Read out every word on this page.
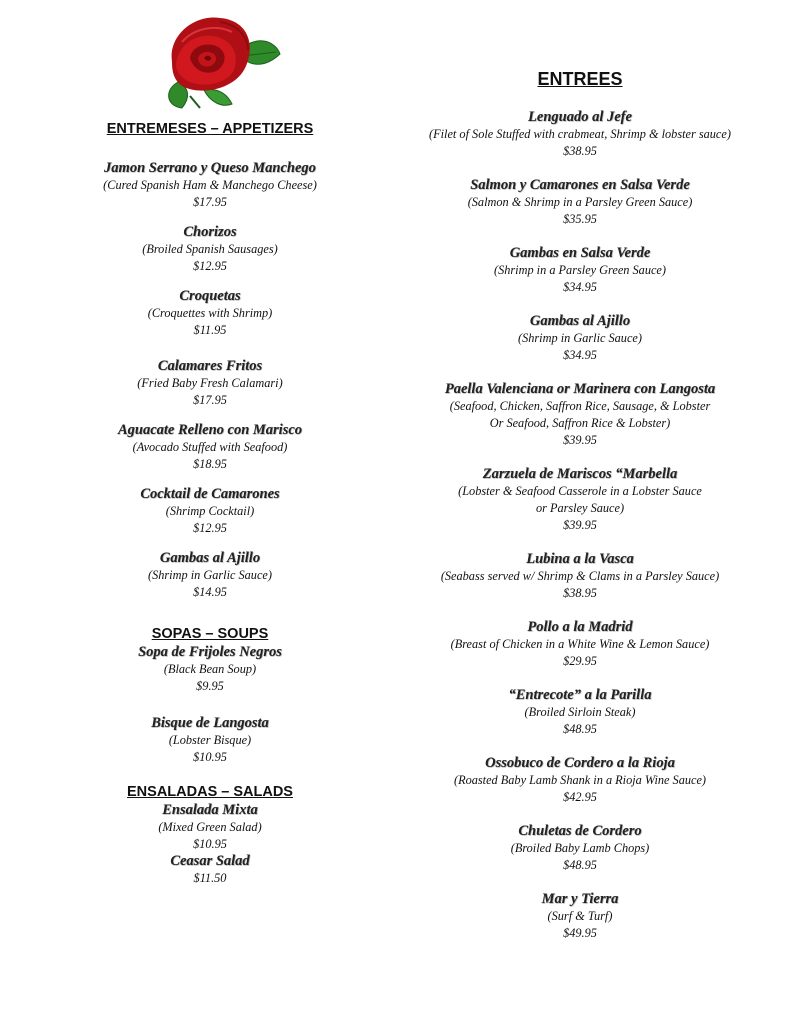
ENTREMESES – APPETIZERS

Jamon Serrano y Queso Manchego

(Cured Spanish Ham & Manchego Cheese)

$17.95

Chorizos

(Broiled Spanish Sausages)

$12.95

Croquetas

(Croquettes with Shrimp)

$11.95

Calamares Fritos

(Fried Baby Fresh Calamari)

$17.95

Aguacate Relleno con Marisco

(Avocado Stuffed with Seafood)

$18.95

Cocktail de Camarones

(Shrimp Cocktail)

$12.95

Gambas al Ajillo

(Shrimp in Garlic Sauce)

$14.95

SOPAS – SOUPS

Sopa de Frijoles Negros

(Black Bean Soup)

$9.95

Bisque de Langosta

(Lobster Bisque)

$10.95

ENSALADAS – SALADS

Ensalada Mixta

(Mixed Green Salad)

$10.95

Ceasar Salad

$11.50

ENTREES

Lenguado al Jefe

(Filet of Sole Stuffed with crabmeat, Shrimp & lobster sauce)

$38.95

Salmon y Camarones en Salsa Verde

(Salmon & Shrimp in a Parsley Green Sauce)

$35.95

Gambas en Salsa Verde

(Shrimp in a Parsley Green Sauce)

$34.95

Gambas al Ajillo

(Shrimp in Garlic Sauce)

$34.95

Paella Valenciana or Marinera con Langosta

(Seafood, Chicken, Saffron Rice, Sausage, & Lobster
Or Seafood, Saffron Rice & Lobster)

$39.95

Zarzuela de Mariscos “Marbella

(Lobster & Seafood Casserole in a Lobster Sauce
or Parsley Sauce)

$39.95

Lubina a la Vasca

(Seabass served w/ Shrimp & Clams in a Parsley Sauce)

$38.95

Pollo a la Madrid

(Breast of Chicken in a White Wine & Lemon Sauce)

$29.95

“Entrecote” a la Parilla

(Broiled Sirloin Steak)

$48.95

Ossobuco de Cordero a la Rioja

(Roasted Baby Lamb Shank in a Rioja Wine Sauce)

$42.95

Chuletas de Cordero

(Broiled Baby Lamb Chops)

$48.95

Mar y Tierra

(Surf & Turf)

$49.95
